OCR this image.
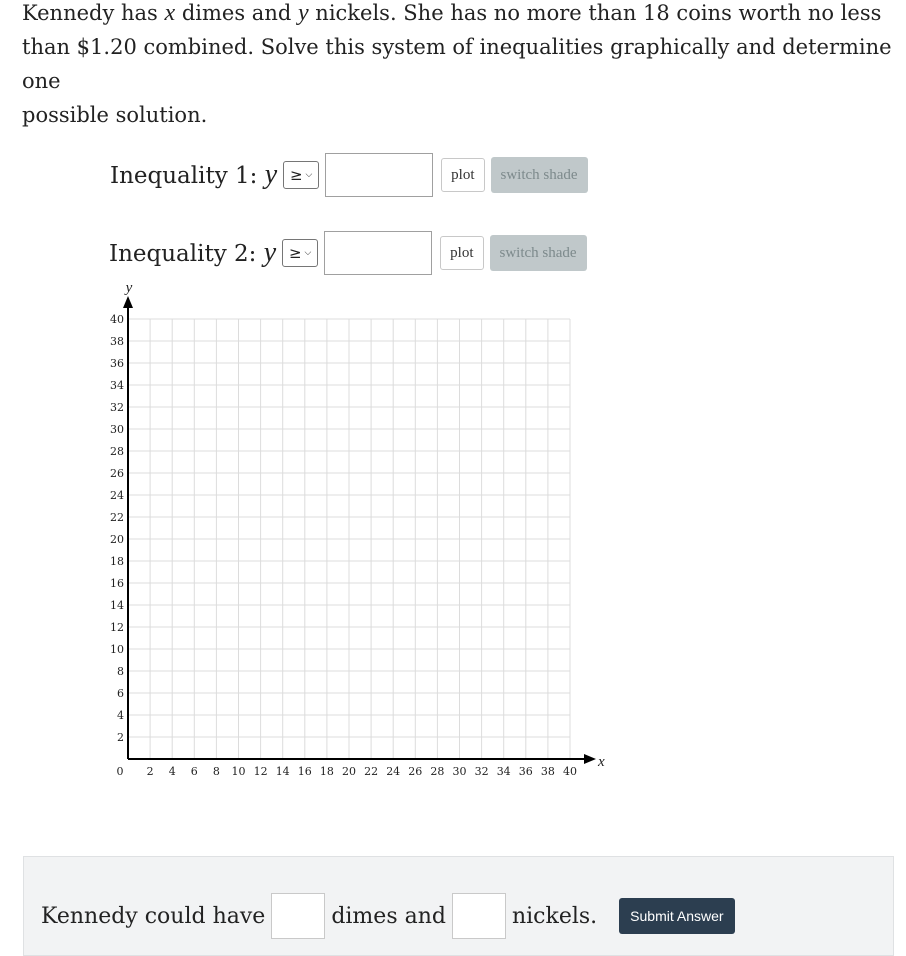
Kennedy has x dimes and y nickels. She has no more than 18 coins worth no less
than $1.20 combined. Solve this system of inequalities graphically and determine one
possible solution.
Inequality 1: y ≥ ⌵	plot	switch shade
Inequality 2: y ≥ ⌵	plot	switch shade
x
y
0 2 4 6 8 10 12 14 16 18 20 22 24 26 28 30 32 34 36 38 40
2
4
6
8
10
12
14
16
18
20
22
24
26
28
30
32
34
36
38
40
Kennedy could have	dimes and	nickels.	Submit Answer
